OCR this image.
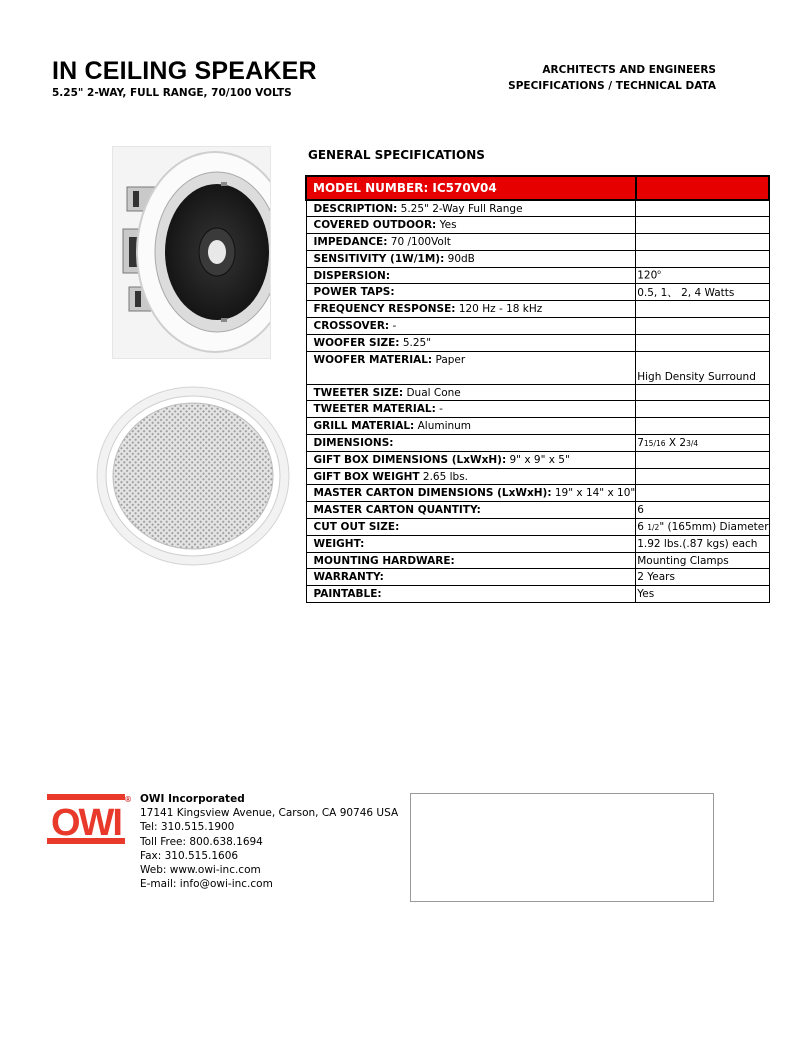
IN CEILING SPEAKER
5.25" 2-WAY, FULL RANGE, 70/100 VOLTS
ARCHITECTS AND ENGINEERS
SPECIFICATIONS / TECHNICAL DATA
GENERAL SPECIFICATIONS
MODEL NUMBER: IC570V04	
DESCRIPTION: 5.25" 2-Way Full Range	
COVERED OUTDOOR: Yes	
IMPEDANCE: 70 /100Volt	
SENSITIVITY (1W/1M): 90dB	
DISPERSION:	120$^o$
POWER TAPS:	0.5, 1、 2, 4 Watts
FREQUENCY RESPONSE: 120 Hz - 18 kHz	
CROSSOVER: -	
WOOFER SIZE: 5.25"	
WOOFER MATERIAL: Paper	High Density Surround
TWEETER SIZE: Dual Cone	
TWEETER MATERIAL: -	
GRILL MATERIAL: Aluminum	
DIMENSIONS:	715/16 X 23/4
GIFT BOX DIMENSIONS (LxWxH): 9" x 9" x 5"	
GIFT BOX WEIGHT 2.65 lbs.	
MASTER CARTON DIMENSIONS (LxWxH): 19" x 14" x 10"	
MASTER CARTON QUANTITY:	6
CUT OUT SIZE:	6 1/2" (165mm) Diameter
WEIGHT:	1.92 lbs.(.87 kgs) each
MOUNTING HARDWARE:	Mounting Clamps
WARRANTY:	2 Years
PAINTABLE:	Yes
OWI
® OWI Incorporated
17141 Kingsview Avenue, Carson, CA 90746 USA
Tel: 310.515.1900
Toll Free: 800.638.1694
Fax: 310.515.1606
Web: www.owi-inc.com
E-mail: info@owi-inc.com
